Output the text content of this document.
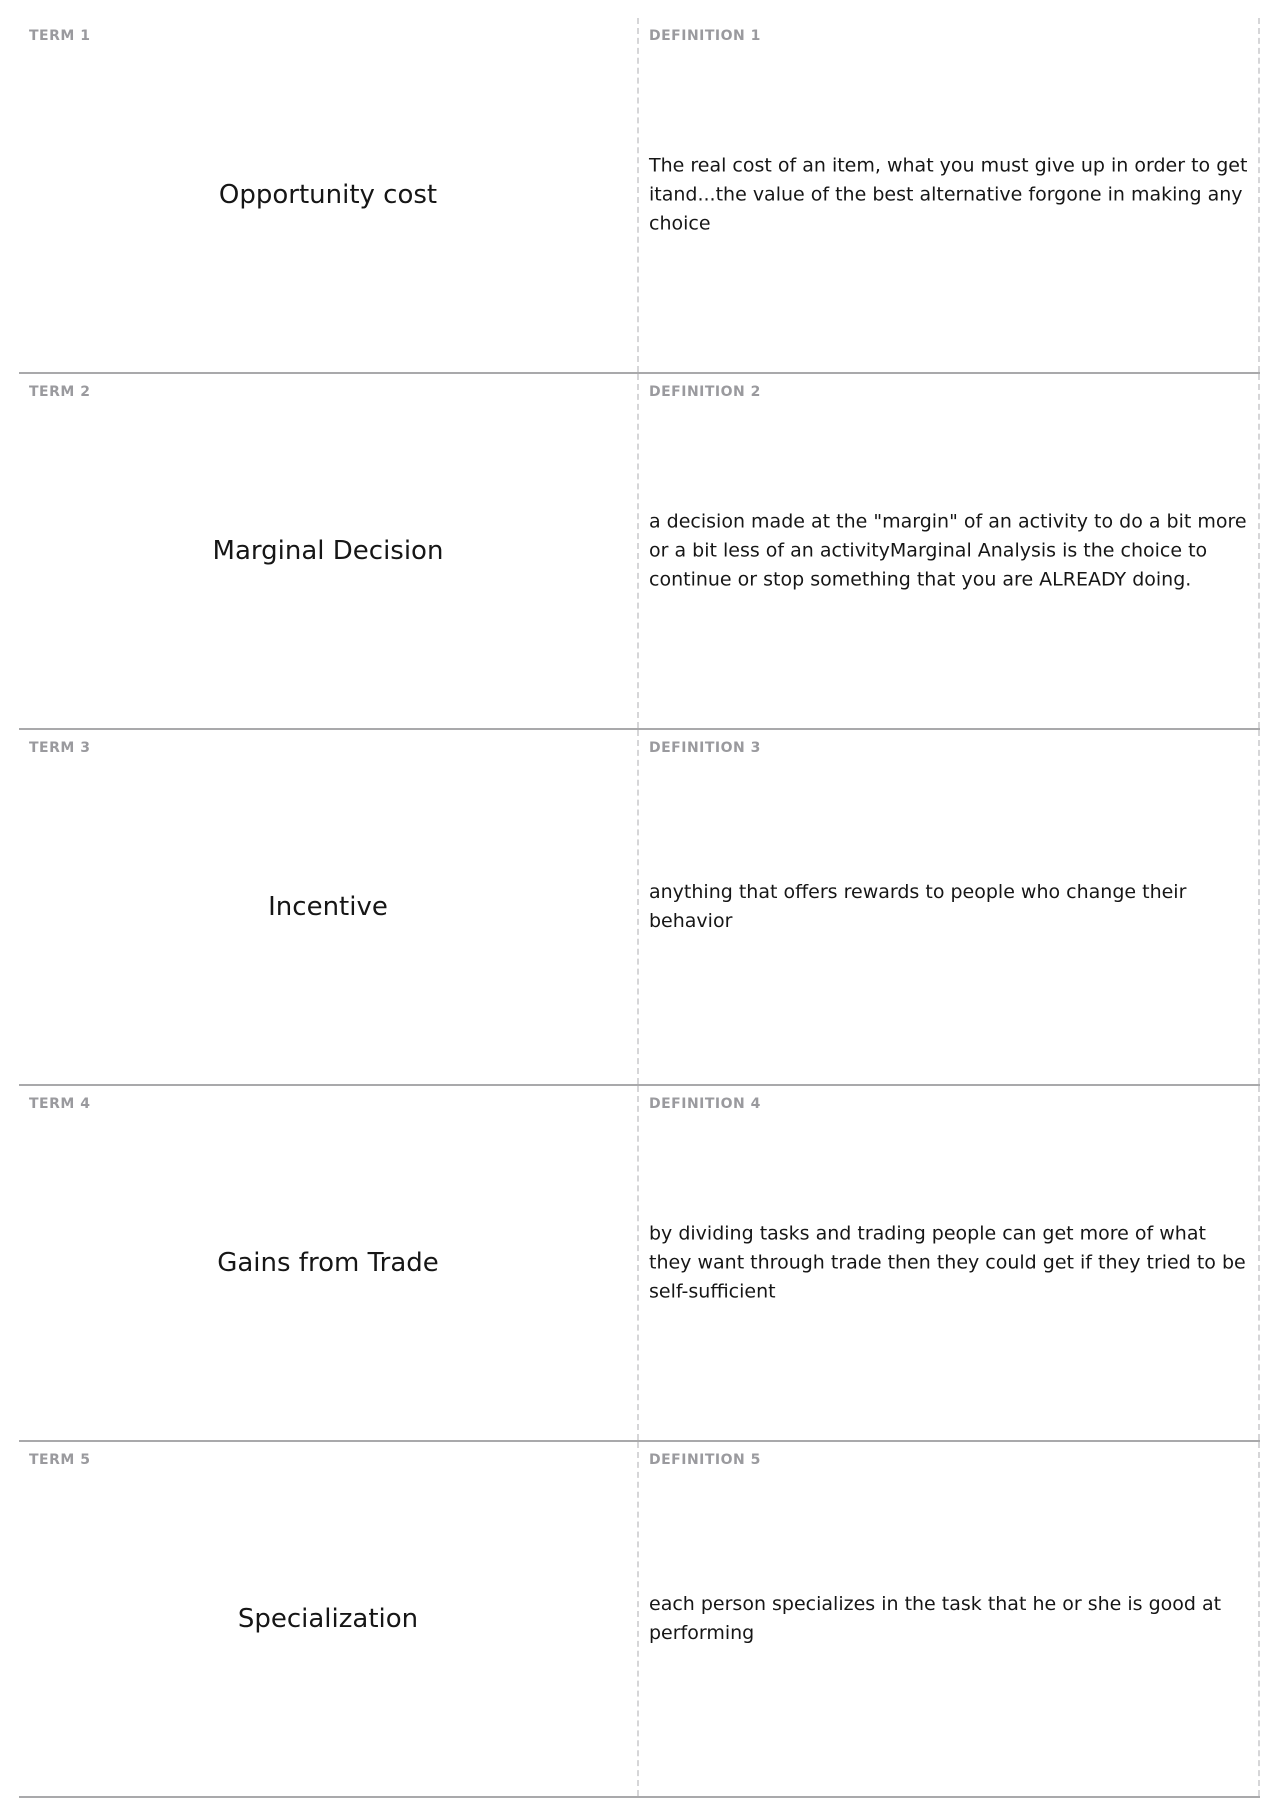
TERM 1
Opportunity cost
DEFINITION 1
The real cost of an item, what you must give up in order to get itand...the value of the best alternative forgone in making any choice
TERM 2
Marginal Decision
DEFINITION 2
a decision made at the "margin" of an activity to do a bit more or a bit less of an activityMarginal Analysis is the choice to continue or stop something that you are ALREADY doing.
TERM 3
Incentive
DEFINITION 3
anything that offers rewards to people who change their behavior
TERM 4
Gains from Trade
DEFINITION 4
by dividing tasks and trading people can get more of what they want through trade then they could get if they tried to be self-sufficient
TERM 5
Specialization
DEFINITION 5
each person specializes in the task that he or she is good at performing
